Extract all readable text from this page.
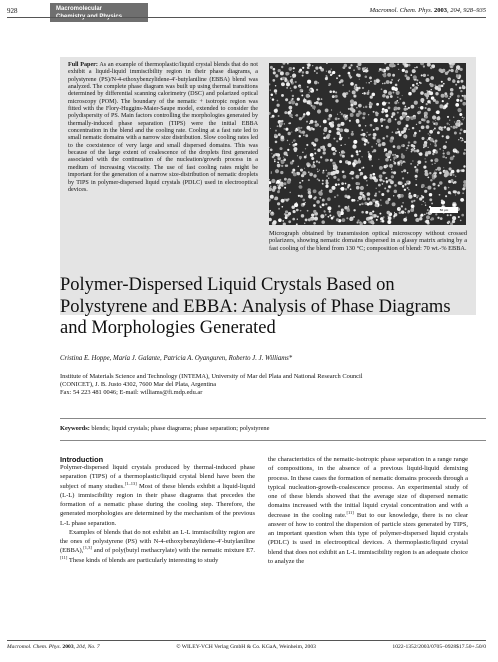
928	Macromolecular
Chemistry and Physics
Macromol. Chem. Phys. 2003, 204, 928–935

Full Paper: As an example of thermoplastic/liquid crystal blends that do not exhibit a liquid-liquid immiscibility region in their phase diagrams, a polystyrene (PS)/N-4-ethoxybenzylidene-4′-butylaniline (EBBA) blend was analyzed. The complete phase diagram was built up using thermal transitions determined by differential scanning calorimetry (DSC) and polarized optical microscopy (POM). The boundary of the nematic + isotropic region was fitted with the Flory-Huggins-Maier-Saupe model, extended to consider the polydispersity of PS. Main factors controlling the morphologies generated by thermally-induced phase separation (TIPS) were the initial EBBA concentration in the blend and the cooling rate. Cooling at a fast rate led to small nematic domains with a narrow size distribution. Slow cooling rates led to the coexistence of very large and small dispersed domains. This was because of the large extent of coalescence of the droplets first generated associated with the continuation of the nucleation/growth process in a medium of increasing viscosity. The use of fast cooling rates might be important for the generation of a narrow size-distribution of nematic droplets by TIPS in polymer-dispersed liquid crystals (PDLC) used in electrooptical devices.

50 μm

Micrograph obtained by transmission optical microscopy without crossed polarizers, showing nematic domains dispersed in a glassy matrix arising by a fast cooling of the blend from 130 °C; composition of blend: 70 wt.-% EBBA.

Polymer-Dispersed Liquid Crystals Based on Polystyrene and EBBA: Analysis of Phase Diagrams and Morphologies Generated
Cristina E. Hoppe, María J. Galante, Patricia A. Oyanguren, Roberto J. J. Williams*
Institute of Materials Science and Technology (INTEMA), University of Mar del Plata and National Research Council
(CONICET), J. B. Justo 4302, 7600 Mar del Plata, Argentina
Fax: 54 223 481 0046; E-mail: williams@fi.mdp.edu.ar
Keywords: blends; liquid crystals; phase diagrams; phase separation; polystyrene
Introduction

Polymer-dispersed liquid crystals produced by thermal-induced phase separation (TIPS) of a thermoplastic/liquid crystal blend have been the subject of many studies.[1–13] Most of these blends exhibit a liquid-liquid (L-L) immiscibility region in their phase diagrams that precedes the formation of a nematic phase during the cooling step. Therefore, the generated morphologies are determined by the mechanism of the previous L-L phase separation.

Examples of blends that do not exhibit an L-L immiscibility region are the ones of polystyrene (PS) with N-4-ethoxybenzylidene-4′-butylaniline (EBBA),[1,3] and of poly(butyl methacrylate) with the nematic mixture E7.[11] These kinds of blends are particularly interesting to study

the characteristics of the nematic-isotropic phase separation in a range range of compositions, in the absence of a previous liquid-liquid demixing process. In these cases the formation of nematic domains proceeds through a typical nucleation-growth-coalescence process. An experimental study of one of these blends showed that the average size of dispersed nematic domains increased with the initial liquid crystal concentration and with a decrease in the cooling rate.[11] But to our knowledge, there is no clear answer of how to control the dispersion of particle sizes generated by TIPS, an important question when this type of polymer-dispersed liquid crystals (PDLC) is used in electrooptical devices. A thermoplastic/liquid crystal blend that does not exhibit an L-L immiscibility region is an adequate choice to analyze the

Macromol. Chem. Phys. 2003, 204, No. 7	© WILEY-VCH Verlag GmbH & Co. KGaA, Weinheim, 2003	1022-1352/2003/0705–0928$17.50+.50/0
